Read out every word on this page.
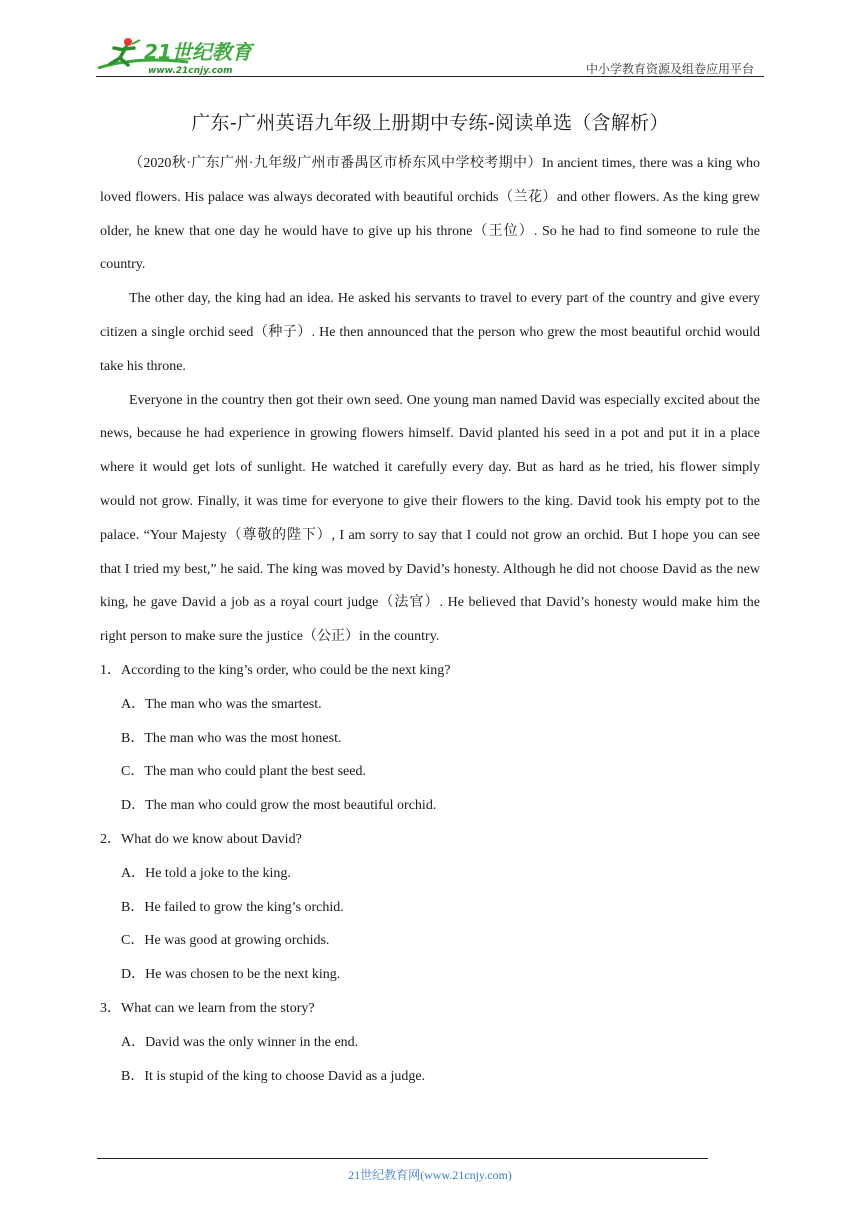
21世纪教育
www.21cnjy.com	中小学教育资源及组卷应用平台
广东-广州英语九年级上册期中专练-阅读单选（含解析）

（2020秋·广东广州·九年级广州市番禺区市桥东风中学校考期中）In ancient times, there was a king who loved flowers. His palace was always decorated with beautiful orchids（兰花）and other flowers. As the king grew older, he knew that one day he would have to give up his throne（王位）. So he had to find someone to rule the country.

The other day, the king had an idea. He asked his servants to travel to every part of the country and give every citizen a single orchid seed（种子）. He then announced that the person who grew the most beautiful orchid would take his throne.

Everyone in the country then got their own seed. One young man named David was especially excited about the news, because he had experience in growing flowers himself. David planted his seed in a pot and put it in a place where it would get lots of sunlight. He watched it carefully every day. But as hard as he tried, his flower simply would not grow. Finally, it was time for everyone to give their flowers to the king. David took his empty pot to the palace. “Your Majesty（尊敬的陛下）, I am sorry to say that I could not grow an orchid. But I hope you can see that I tried my best,” he said. The king was moved by David’s honesty. Although he did not choose David as the new king, he gave David a job as a royal court judge（法官）. He believed that David’s honesty would make him the right person to make sure the justice（公正）in the country.

1．According to the king’s order, who could be the next king?
A．The man who was the smartest.
B．The man who was the most honest.
C．The man who could plant the best seed.
D．The man who could grow the most beautiful orchid.
2．What do we know about David?
A．He told a joke to the king.
B．He failed to grow the king’s orchid.
C．He was good at growing orchids.
D．He was chosen to be the next king.
3．What can we learn from the story?
A．David was the only winner in the end.
B．It is stupid of the king to choose David as a judge.
21世纪教育网(www.21cnjy.com)
